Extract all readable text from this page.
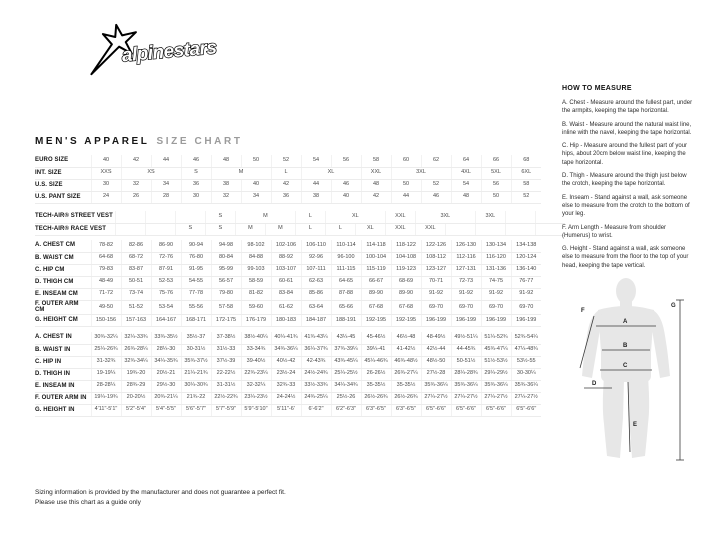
alpinestars
MEN'S APPAREL SIZE CHART
EURO SIZE	40	42	44	46	48	50	52	54	56	58	60	62	64	66	68
INT. SIZE	XXS	XS		S	M		L	XL		XXL	3XL		4XL	5XL	6XL
U.S. SIZE	30	32	34	36	38	40	42	44	46	48	50	52	54	56	58
U.S. PANT SIZE	24	26	28	30	32	34	36	38	40	42	44	46	48	50	52
TECH-AIR® STREET VEST				S	M		L	XL		XXL	3XL		3XL		
TECH-AIR® RACE VEST			S	S	M	M	L	L	XL	XXL	XXL				
A. CHEST CM	78-82	82-86	86-90	90-94	94-98	98-102	102-106	106-110	110-114	114-118	118-122	122-126	126-130	130-134	134-138
B. WAIST CM	64-68	68-72	72-76	76-80	80-84	84-88	88-92	92-96	96-100	100-104	104-108	108-112	112-116	116-120	120-124
C. HIP CM	79-83	83-87	87-91	91-95	95-99	99-103	103-107	107-111	111-115	115-119	119-123	123-127	127-131	131-136	136-140
D. THIGH CM	48-49	50-51	52-53	54-55	56-57	58-59	60-61	62-63	64-65	66-67	68-69	70-71	72-73	74-75	76-77
E. INSEAM CM	71-72	73-74	75-76	77-78	79-80	81-82	83-84	85-86	87-88	89-90	89-90	91-92	91-92	91-92	91-92
F. OUTER ARM CM	49-50	51-52	53-54	55-56	57-58	59-60	61-62	63-64	65-66	67-68	67-68	69-70	69-70	69-70	69-70
G. HEIGHT CM	150-156	157-163	164-167	168-171	172-175	176-179	180-183	184-187	188-191	192-195	192-195	196-199	196-199	196-199	196-199
A. CHEST IN	30¾-32¼	32¼-33¾	33¾-35½	35½-37	37-38½	38½-40¼	40¼-41¾	41¾-43¼	43¼-45	45-46½	46½-48	48-49½	49½-51¼	51¼-52¾	52¾-54¼
B. WAIST IN	25¼-26¾	26¾-28¼	28¼-30	30-31½	31½-33	33-34¾	34¾-36¼	36¼-37¾	37¾-39¼	39¼-41	41-42½	42½-44	44-45¾	45¾-47¼	47¼-48¾
C. HIP IN	31-32¾	32¾-34¼	34¼-35¾	35¾-37½	37½-39	39-40½	40½-42	42-43¾	43¾-45¼	45¼-46¾	46¾-48½	48½-50	50-51½	51½-53½	53½-55
D. THIGH IN	19-19¼	19¾-20	20½-21	21¼-21¾	22-22½	22¾-23¼	23½-24	24½-24¾	25¼-25½	26-26½	26¾-27¼	27½-28	28¼-28¾	29¼-29½	30-30¼
E. INSEAM IN	28-28¼	28¾-29	29½-30	30¼-30¾	31-31½	32-32¼	32¾-33	33½-33¾	34¼-34¾	35-35½	35-35½	35¾-36¼	35¾-36¼	35¾-36¼	35¾-36¼
F. OUTER ARM IN	19¼-19¾	20-20½	20¾-21¼	21¾-22	22½-22¾	23¼-23½	24-24½	24¾-25¼	25½-26	26½-26¾	26½-26¾	27¼-27½	27¼-27½	27¼-27½	27¼-27½
G. HEIGHT IN	4'11"-5'1"	5'2"-5'4"	5'4"-5'5"	5'6"-5'7"	5'7"-5'9"	5'9"-5'10"	5'11"-6'	6'-6'2"	6'2"-6'3"	6'3"-6'5"	6'3"-6'5"	6'5"-6'6"	6'5"-6'6"	6'5"-6'6"	6'5"-6'6"
HOW TO MEASURE

A. Chest - Measure around the fullest part, under the armpits, keeping the tape horizontal.

B. Waist - Measure around the natural waist line, inline with the navel, keeping the tape horizontal.

C. Hip - Measure around the fullest part of your hips, about 20cm below waist line, keeping the tape horizontal.

D. Thigh - Measure around the thigh just below the crotch, keeping the tape horizontal.

E. Inseam - Stand against a wall, ask someone else to measure from the crotch to the bottom of your leg.

F. Arm Length - Measure from shoulder (Humerus) to wrist.

G. Height - Stand against a wall, ask someone else to measure from the floor to the top of your head, keeping the tape vertical.

A
B
C
D
E
F
G
Sizing information is provided by the manufacturer and does not guarantee a perfect fit.
Please use this chart as a guide only
